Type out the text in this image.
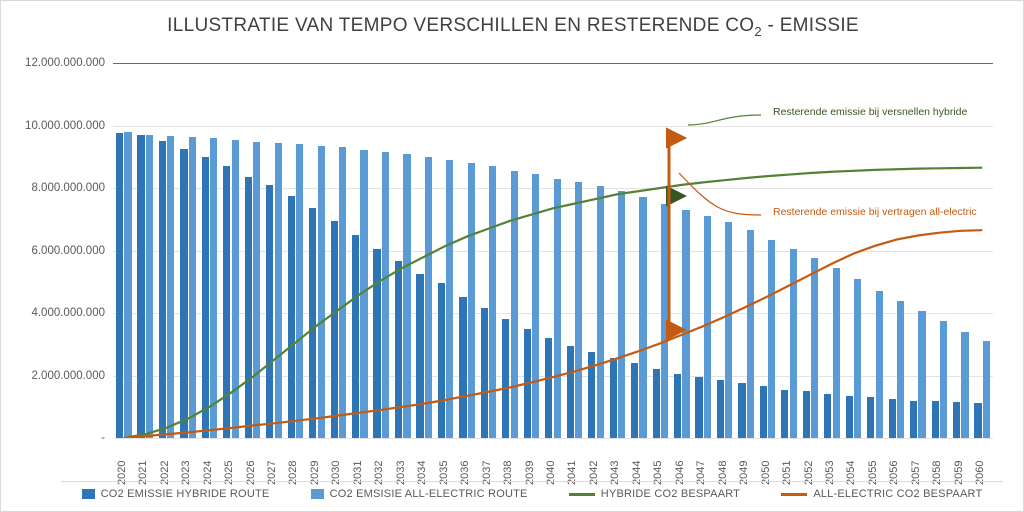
ILLUSTRATIE VAN TEMPO VERSCHILLEN EN RESTERENDE $CO_2$ - EMISSIE
12.000.000.000
10.000.000.000
8.000.000.000
6.000.000.000
4.000.000.000
2.000.000.000
-
Resterende emissie bij versnellen hybride
Resterende emissie bij vertragen all-electric
2020 2021 2022 2023 2024 2025 2026 2027 2028 2029 2030 2031 2032 2033 2034 2035 2036 2037 2038 2039 2040 2041 2042 2043 2044 2045 2046 2047 2048 2049 2050 2051 2052 2053 2054 2055 2056 2057 2058 2059 2060
CO2 EMISSIE HYBRIDE ROUTE	CO2 EMSISIE ALL-ELECTRIC ROUTE	HYBRIDE CO2 BESPAART	ALL-ELECTRIC CO2 BESPAART
